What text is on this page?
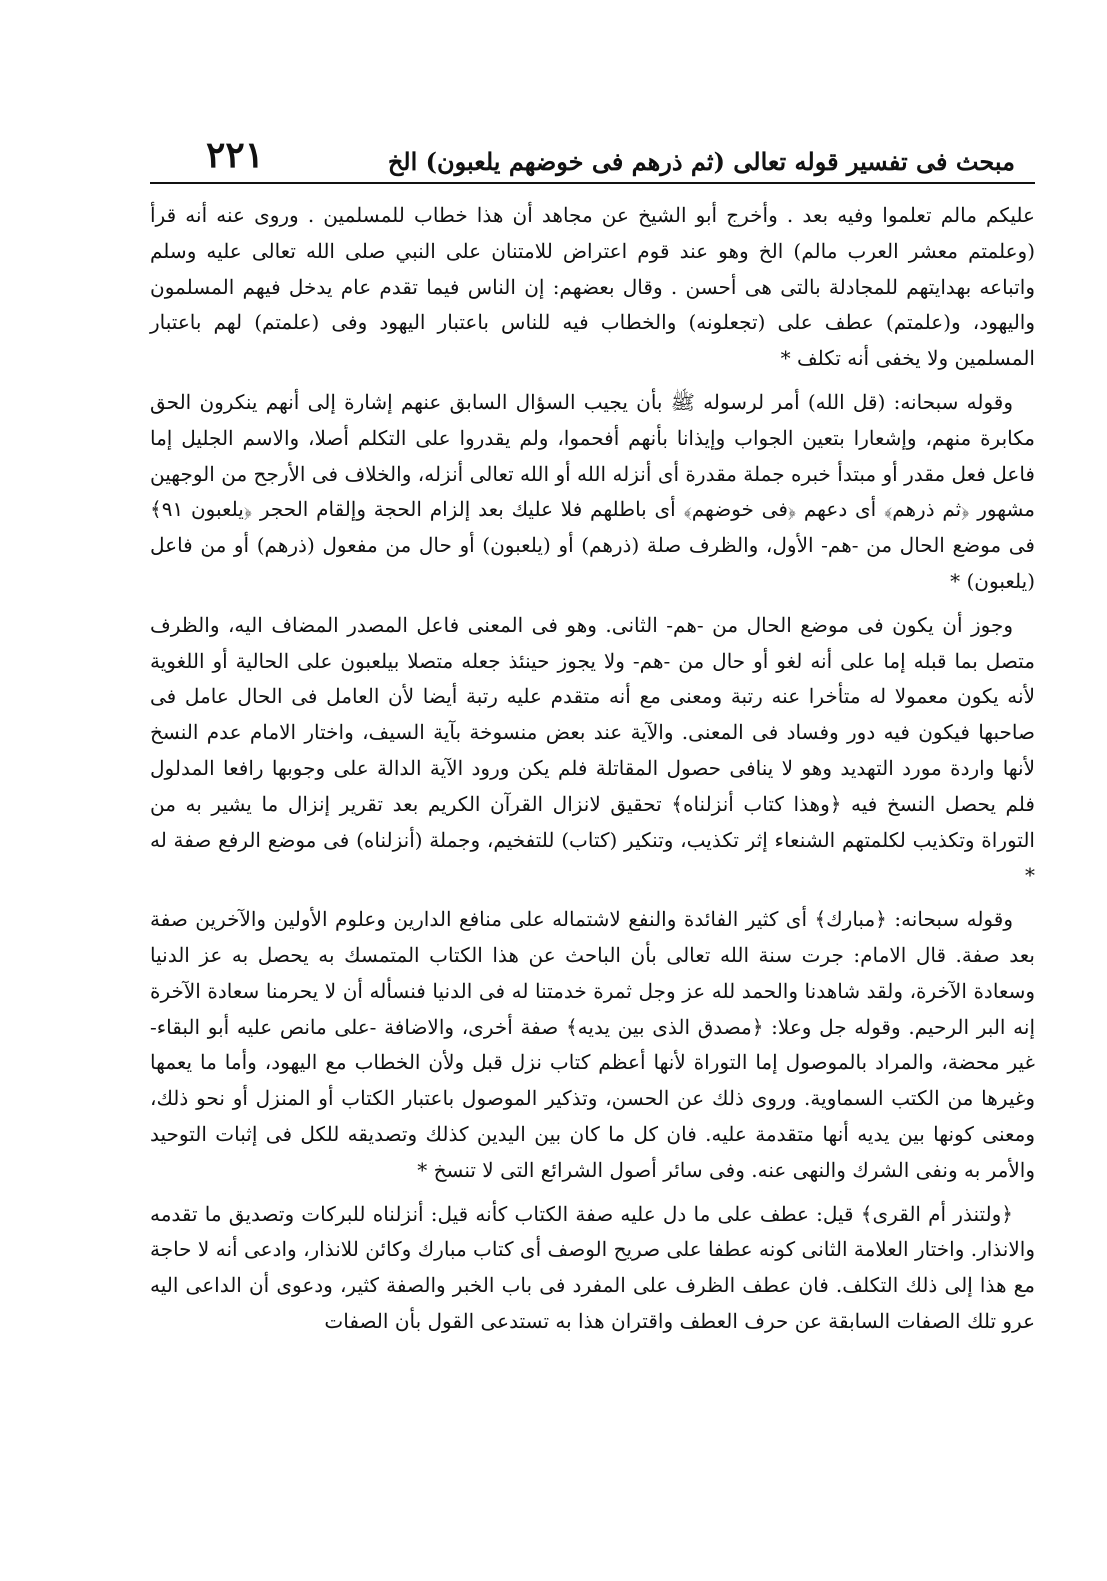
مبحث فى تفسير قوله تعالى (ثم ذرهم فى خوضهم يلعبون) الخ
٢٢١

عليكم مالم تعلموا وفيه بعد . وأخرج أبو الشيخ عن مجاهد أن هذا خطاب للمسلمين . وروى عنه أنه قرأ (وعلمتم معشر العرب مالم) الخ وهو عند قوم اعتراض للامتنان على النبي صلى الله تعالى عليه وسلم واتباعه بهدايتهم للمجادلة بالتى هى أحسن . وقال بعضهم: إن الناس فيما تقدم عام يدخل فيهم المسلمون واليهود، و(علمتم) عطف على (تجعلونه) والخطاب فيه للناس باعتبار اليهود وفى (علمتم) لهم باعتبار المسلمين ولا يخفى أنه تكلف *

وقوله سبحانه: (قل الله) أمر لرسوله ﷺ بأن يجيب السؤال السابق عنهم إشارة إلى أنهم ينكرون الحق مكابرة منهم، وإشعارا بتعين الجواب وإيذانا بأنهم أفحموا، ولم يقدروا على التكلم أصلا، والاسم الجليل إما فاعل فعل مقدر أو مبتدأ خبره جملة مقدرة أى أنزله الله أو الله تعالى أنزله، والخلاف فى الأرجح من الوجهين مشهور ﴿ثم ذرهم﴾ أى دعهم ﴿فى خوضهم﴾ أى باطلهم فلا عليك بعد إلزام الحجة وإلقام الحجر ﴿يلعبون ٩١﴾ فى موضع الحال من -هم- الأول، والظرف صلة (ذرهم) أو (يلعبون) أو حال من مفعول (ذرهم) أو من فاعل (يلعبون) *

وجوز أن يكون فى موضع الحال من -هم- الثانى. وهو فى المعنى فاعل المصدر المضاف اليه، والظرف متصل بما قبله إما على أنه لغو أو حال من -هم- ولا يجوز حينئذ جعله متصلا بيلعبون على الحالية أو اللغوية لأنه يكون معمولا له متأخرا عنه رتبة ومعنى مع أنه متقدم عليه رتبة أيضا لأن العامل فى الحال عامل فى صاحبها فيكون فيه دور وفساد فى المعنى. والآية عند بعض منسوخة بآية السيف، واختار الامام عدم النسخ لأنها واردة مورد التهديد وهو لا ينافى حصول المقاتلة فلم يكن ورود الآية الدالة على وجوبها رافعا المدلول فلم يحصل النسخ فيه ﴿وهذا كتاب أنزلناه﴾ تحقيق لانزال القرآن الكريم بعد تقرير إنزال ما يشير به من التوراة وتكذيب لكلمتهم الشنعاء إثر تكذيب، وتنكير (كتاب) للتفخيم، وجملة (أنزلناه) فى موضع الرفع صفة له *

وقوله سبحانه: ﴿مبارك﴾ أى كثير الفائدة والنفع لاشتماله على منافع الدارين وعلوم الأولين والآخرين صفة بعد صفة. قال الامام: جرت سنة الله تعالى بأن الباحث عن هذا الكتاب المتمسك به يحصل به عز الدنيا وسعادة الآخرة، ولقد شاهدنا والحمد لله عز وجل ثمرة خدمتنا له فى الدنيا فنسأله أن لا يحرمنا سعادة الآخرة إنه البر الرحيم. وقوله جل وعلا: ﴿مصدق الذى بين يديه﴾ صفة أخرى، والاضافة -على مانص عليه أبو البقاء- غير محضة، والمراد بالموصول إما التوراة لأنها أعظم كتاب نزل قبل ولأن الخطاب مع اليهود، وأما ما يعمها وغيرها من الكتب السماوية. وروى ذلك عن الحسن، وتذكير الموصول باعتبار الكتاب أو المنزل أو نحو ذلك، ومعنى كونها بين يديه أنها متقدمة عليه. فان كل ما كان بين اليدين كذلك وتصديقه للكل فى إثبات التوحيد والأمر به ونفى الشرك والنهى عنه. وفى سائر أصول الشرائع التى لا تنسخ *

﴿ولتنذر أم القرى﴾ قيل: عطف على ما دل عليه صفة الكتاب كأنه قيل: أنزلناه للبركات وتصديق ما تقدمه والانذار. واختار العلامة الثانى كونه عطفا على صريح الوصف أى كتاب مبارك وكائن للانذار، وادعى أنه لا حاجة مع هذا إلى ذلك التكلف. فان عطف الظرف على المفرد فى باب الخبر والصفة كثير، ودعوى أن الداعى اليه عرو تلك الصفات السابقة عن حرف العطف واقتران هذا به تستدعى القول بأن الصفات
